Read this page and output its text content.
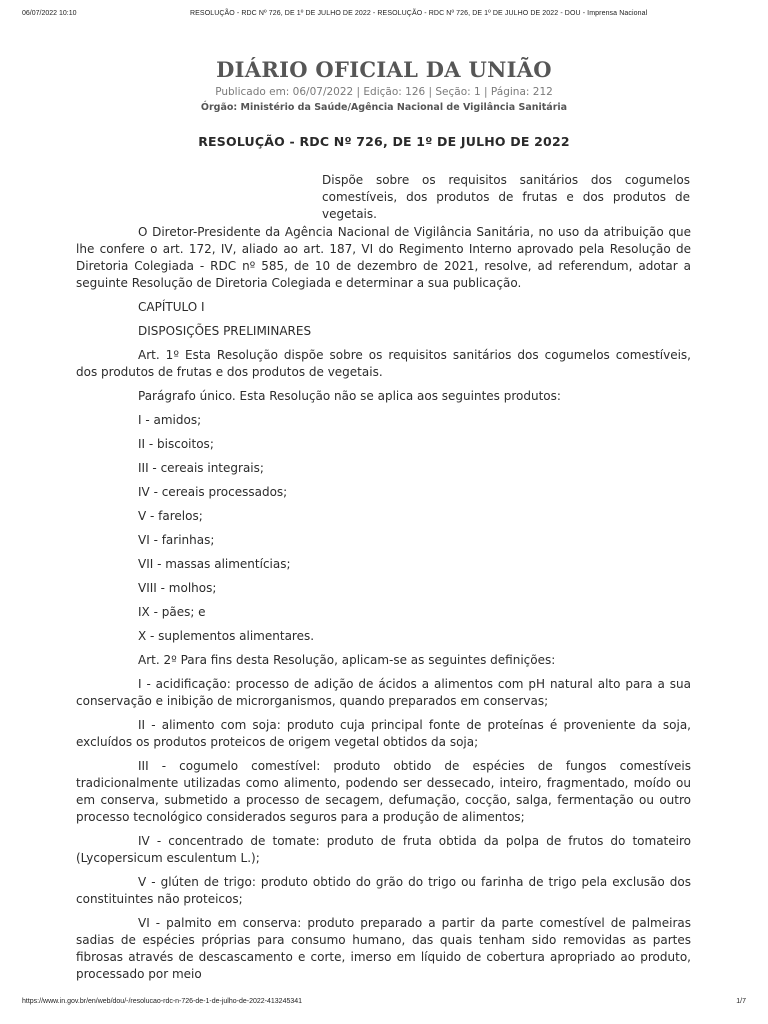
06/07/2022 10:10	RESOLUÇÃO - RDC Nº 726, DE 1º DE JULHO DE 2022 - RESOLUÇÃO - RDC Nº 726, DE 1º DE JULHO DE 2022 - DOU - Imprensa Nacional
DIÁRIO OFICIAL DA UNIÃO
Publicado em: 06/07/2022 | Edição: 126 | Seção: 1 | Página: 212
Órgão: Ministério da Saúde/Agência Nacional de Vigilância Sanitária
RESOLUÇÃO - RDC Nº 726, DE 1º DE JULHO DE 2022
Dispõe sobre os requisitos sanitários dos cogumelos comestíveis, dos produtos de frutas e dos produtos de vegetais.

O Diretor-Presidente da Agência Nacional de Vigilância Sanitária, no uso da atribuição que lhe confere o art. 172, IV, aliado ao art. 187, VI do Regimento Interno aprovado pela Resolução de Diretoria Colegiada - RDC nº 585, de 10 de dezembro de 2021, resolve, ad referendum, adotar a seguinte Resolução de Diretoria Colegiada e determinar a sua publicação.

CAPÍTULO I

DISPOSIÇÕES PRELIMINARES

Art. 1º Esta Resolução dispõe sobre os requisitos sanitários dos cogumelos comestíveis, dos produtos de frutas e dos produtos de vegetais.

Parágrafo único. Esta Resolução não se aplica aos seguintes produtos:

I - amidos;

II - biscoitos;

III - cereais integrais;

IV - cereais processados;

V - farelos;

VI - farinhas;

VII - massas alimentícias;

VIII - molhos;

IX - pães; e

X - suplementos alimentares.

Art. 2º Para fins desta Resolução, aplicam-se as seguintes definições:

I - acidificação: processo de adição de ácidos a alimentos com pH natural alto para a sua conservação e inibição de microrganismos, quando preparados em conservas;

II - alimento com soja: produto cuja principal fonte de proteínas é proveniente da soja, excluídos os produtos proteicos de origem vegetal obtidos da soja;

III - cogumelo comestível: produto obtido de espécies de fungos comestíveis tradicionalmente utilizadas como alimento, podendo ser dessecado, inteiro, fragmentado, moído ou em conserva, submetido a processo de secagem, defumação, cocção, salga, fermentação ou outro processo tecnológico considerados seguros para a produção de alimentos;

IV - concentrado de tomate: produto de fruta obtida da polpa de frutos do tomateiro (Lycopersicum esculentum L.);

V - glúten de trigo: produto obtido do grão do trigo ou farinha de trigo pela exclusão dos constituintes não proteicos;

VI - palmito em conserva: produto preparado a partir da parte comestível de palmeiras sadias de espécies próprias para consumo humano, das quais tenham sido removidas as partes fibrosas através de descascamento e corte, imerso em líquido de cobertura apropriado ao produto, processado por meio

https://www.in.gov.br/en/web/dou/-/resolucao-rdc-n-726-de-1-de-julho-de-2022-413245341	1/7
